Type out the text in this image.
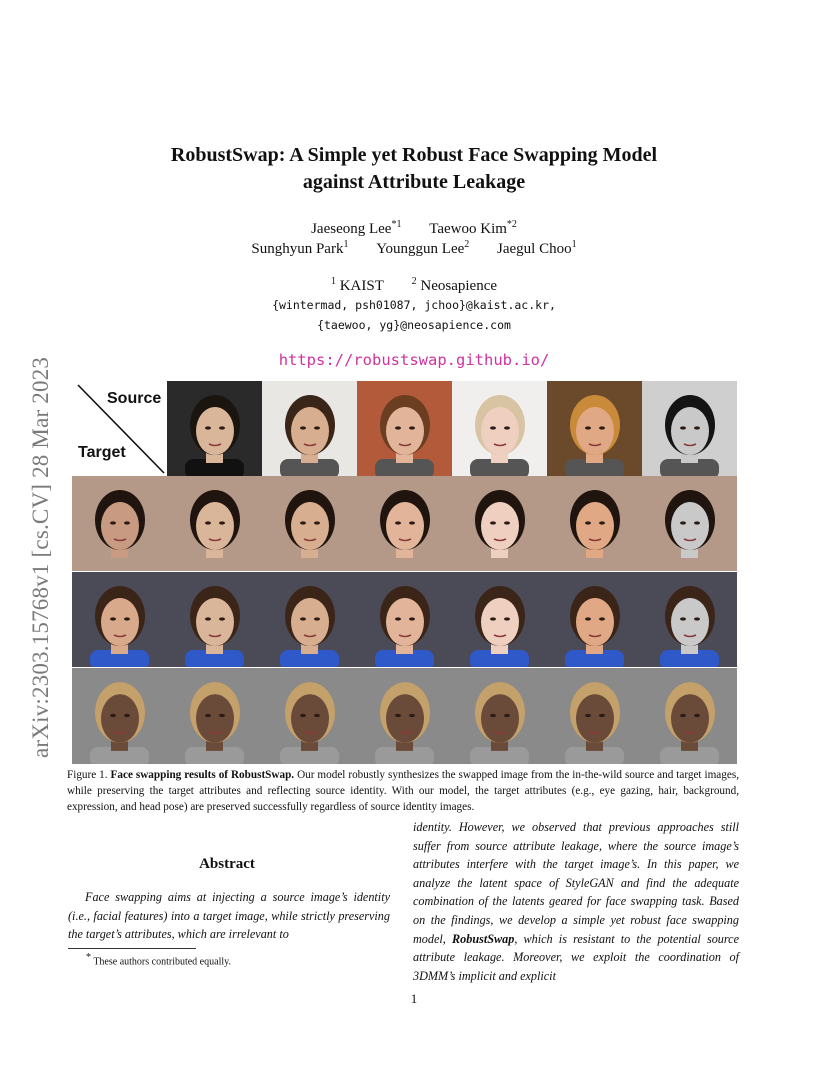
arXiv:2303.15768v1 [cs.CV] 28 Mar 2023
RobustSwap: A Simple yet Robust Face Swapping Model
against Attribute Leakage
Jaeseong Lee$^{*1}$ Taewoo Kim$^{*2}$
Sunghyun Park$^1$ Younggun Lee$^2$ Jaegul Choo$^1$
$^1$ KAIST	$^2$ Neosapience
{wintermad, psh01087, jchoo}@kaist.ac.kr,
{taewoo, yg}@neosapience.com
https://robustswap.github.io/
Source
Target
Figure 1. Face swapping results of RobustSwap. Our model robustly synthesizes the swapped image from the in-the-wild source and target images, while preserving the target attributes and reflecting source identity. With our model, the target attributes (e.g., eye gazing, hair, background, expression, and head pose) are preserved successfully regardless of source identity images.
Abstract
Face swapping aims at injecting a source image’s identity (i.e., facial features) into a target image, while strictly preserving the target’s attributes, which are irrelevant to
identity. However, we observed that previous approaches still suffer from source attribute leakage, where the source image’s attributes interfere with the target image’s. In this paper, we analyze the latent space of StyleGAN and find the adequate combination of the latents geared for face swapping task. Based on the findings, we develop a simple yet robust face swapping model, RobustSwap, which is resistant to the potential source attribute leakage. Moreover, we exploit the coordination of 3DMM’s implicit and explicit
* These authors contributed equally.
1
